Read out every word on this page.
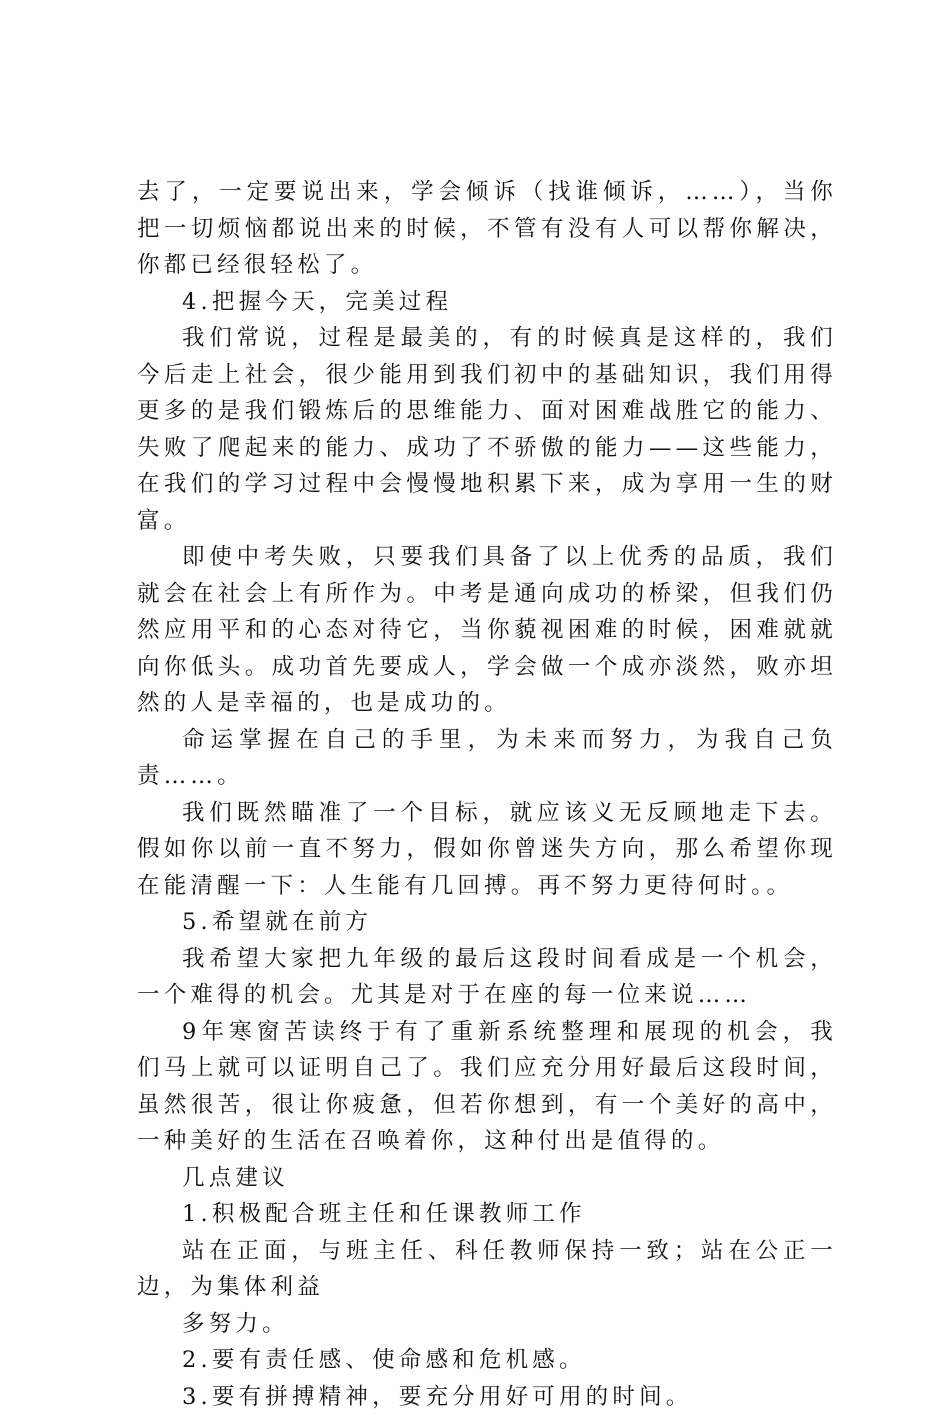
去了，一定要说出来，学会倾诉（找谁倾诉，……），当你把一切烦恼都说出来的时候，不管有没有人可以帮你解决，你都已经很轻松了。

4.把握今天，完美过程

我们常说，过程是最美的，有的时候真是这样的，我们今后走上社会，很少能用到我们初中的基础知识，我们用得更多的是我们锻炼后的思维能力、面对困难战胜它的能力、失败了爬起来的能力、成功了不骄傲的能力——这些能力，在我们的学习过程中会慢慢地积累下来，成为享用一生的财富。

即使中考失败，只要我们具备了以上优秀的品质，我们就会在社会上有所作为。中考是通向成功的桥梁，但我们仍然应用平和的心态对待它，当你藐视困难的时候，困难就就向你低头。成功首先要成人，学会做一个成亦淡然，败亦坦然的人是幸福的，也是成功的。

命运掌握在自己的手里，为未来而努力，为我自己负责……。

我们既然瞄准了一个目标，就应该义无反顾地走下去。假如你以前一直不努力，假如你曾迷失方向，那么希望你现在能清醒一下：人生能有几回搏。再不努力更待何时。。

5.希望就在前方

我希望大家把九年级的最后这段时间看成是一个机会，一个难得的机会。尤其是对于在座的每一位来说……

9年寒窗苦读终于有了重新系统整理和展现的机会，我们马上就可以证明自己了。我们应充分用好最后这段时间，虽然很苦，很让你疲惫，但若你想到，有一个美好的高中，一种美好的生活在召唤着你，这种付出是值得的。

几点建议

1.积极配合班主任和任课教师工作

站在正面，与班主任、科任教师保持一致；站在公正一边，为集体利益

多努力。

2.要有责任感、使命感和危机感。

3.要有拼搏精神，要充分用好可用的时间。
